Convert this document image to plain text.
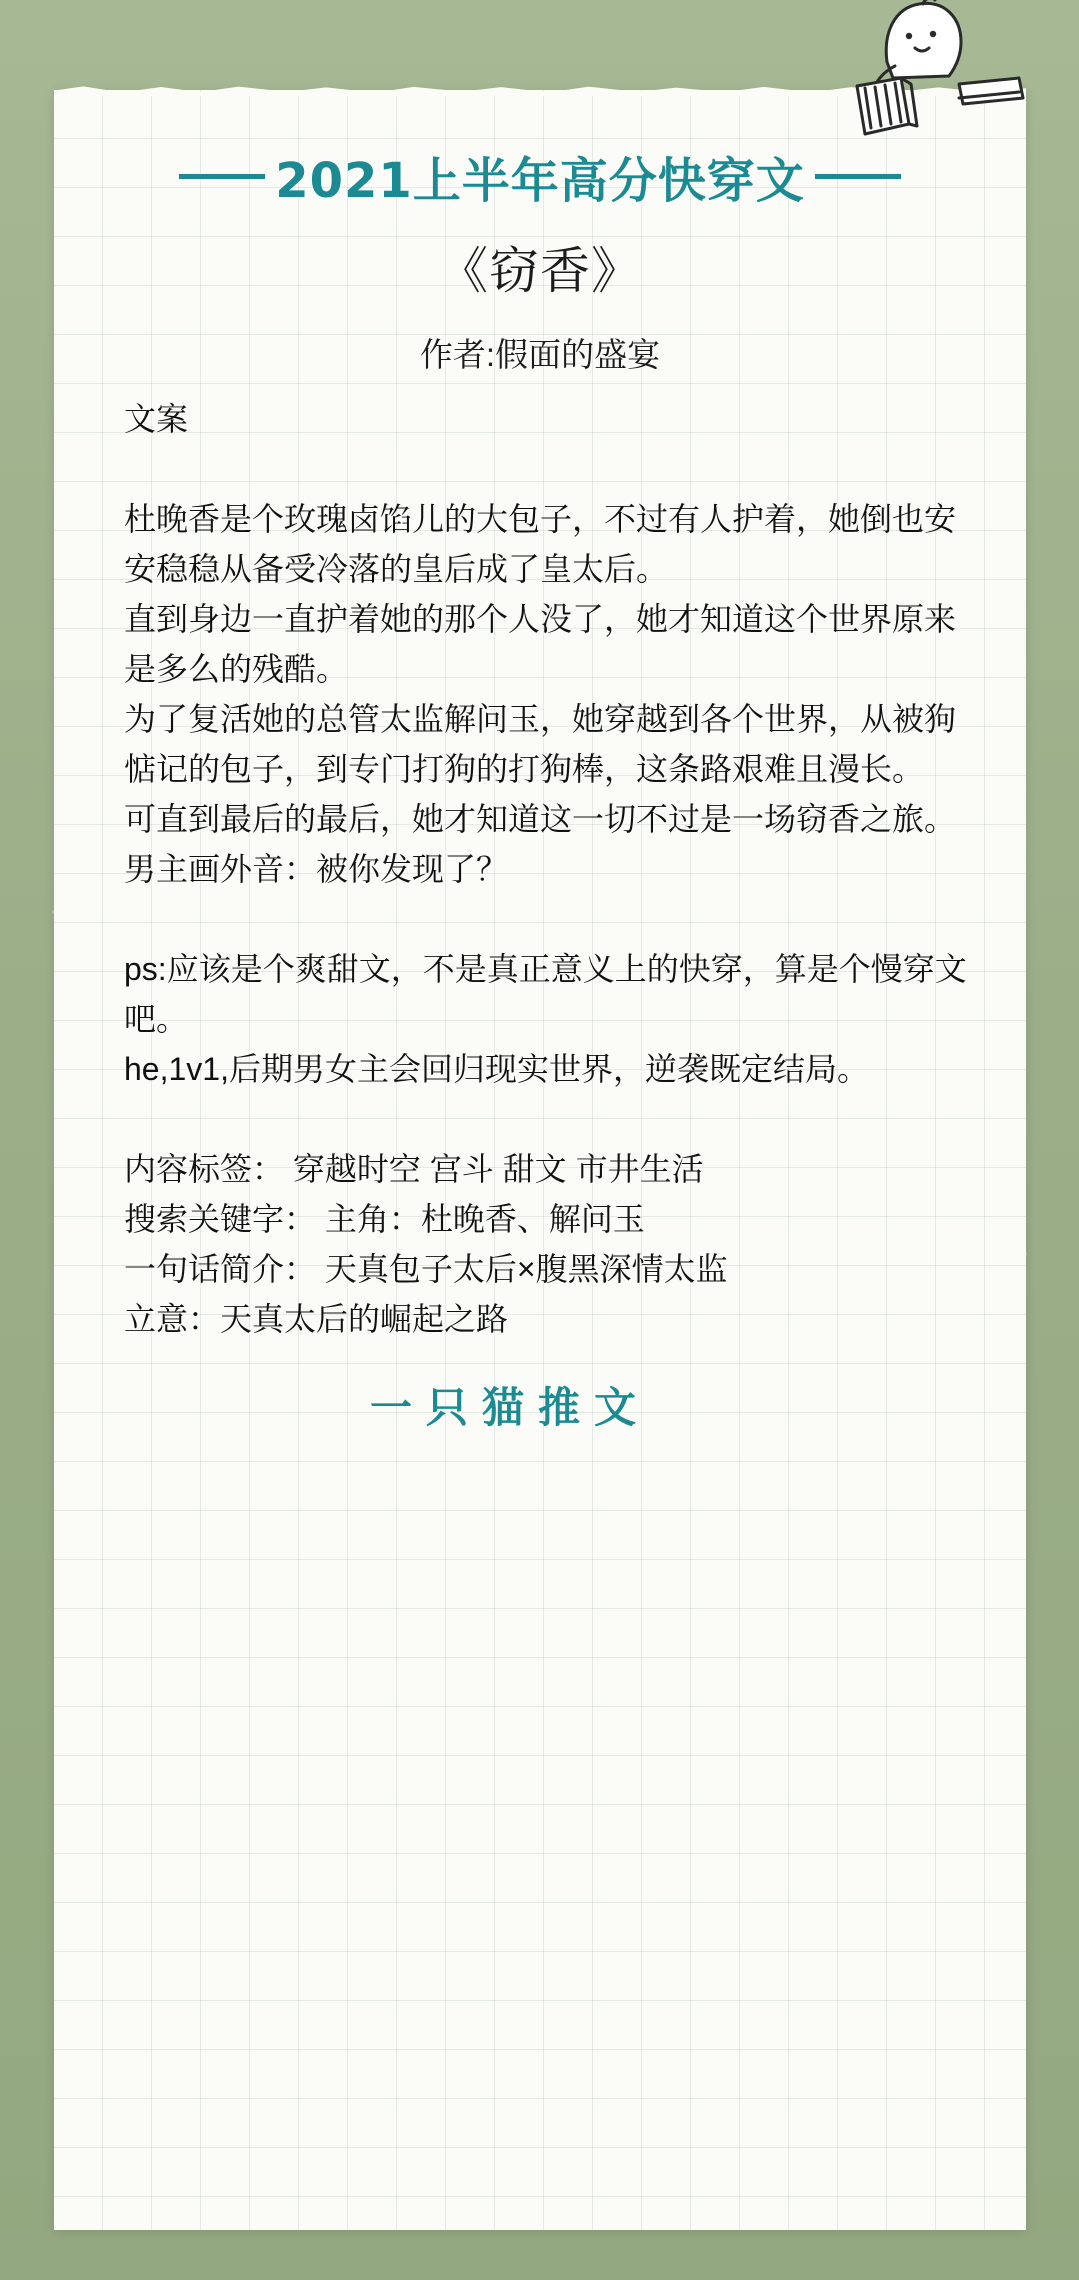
2021上半年高分快穿文
《窃香》
作者:假面的盛宴

文案

杜晚香是个玫瑰卤馅儿的大包子，不过有人护着，她倒也安安稳稳从备受冷落的皇后成了皇太后。

直到身边一直护着她的那个人没了，她才知道这个世界原来是多么的残酷。

为了复活她的总管太监解问玉，她穿越到各个世界，从被狗惦记的包子，到专门打狗的打狗棒，这条路艰难且漫长。

可直到最后的最后，她才知道这一切不过是一场窃香之旅。

男主画外音：被你发现了？

ps:应该是个爽甜文，不是真正意义上的快穿，算是个慢穿文吧。

he,1v1,后期男女主会回归现实世界，逆袭既定结局。

内容标签： 穿越时空 宫斗 甜文 市井生活

搜索关键字： 主角：杜晚香、解问玉

一句话简介： 天真包子太后×腹黑深情太监

立意：天真太后的崛起之路

一只猫推文
